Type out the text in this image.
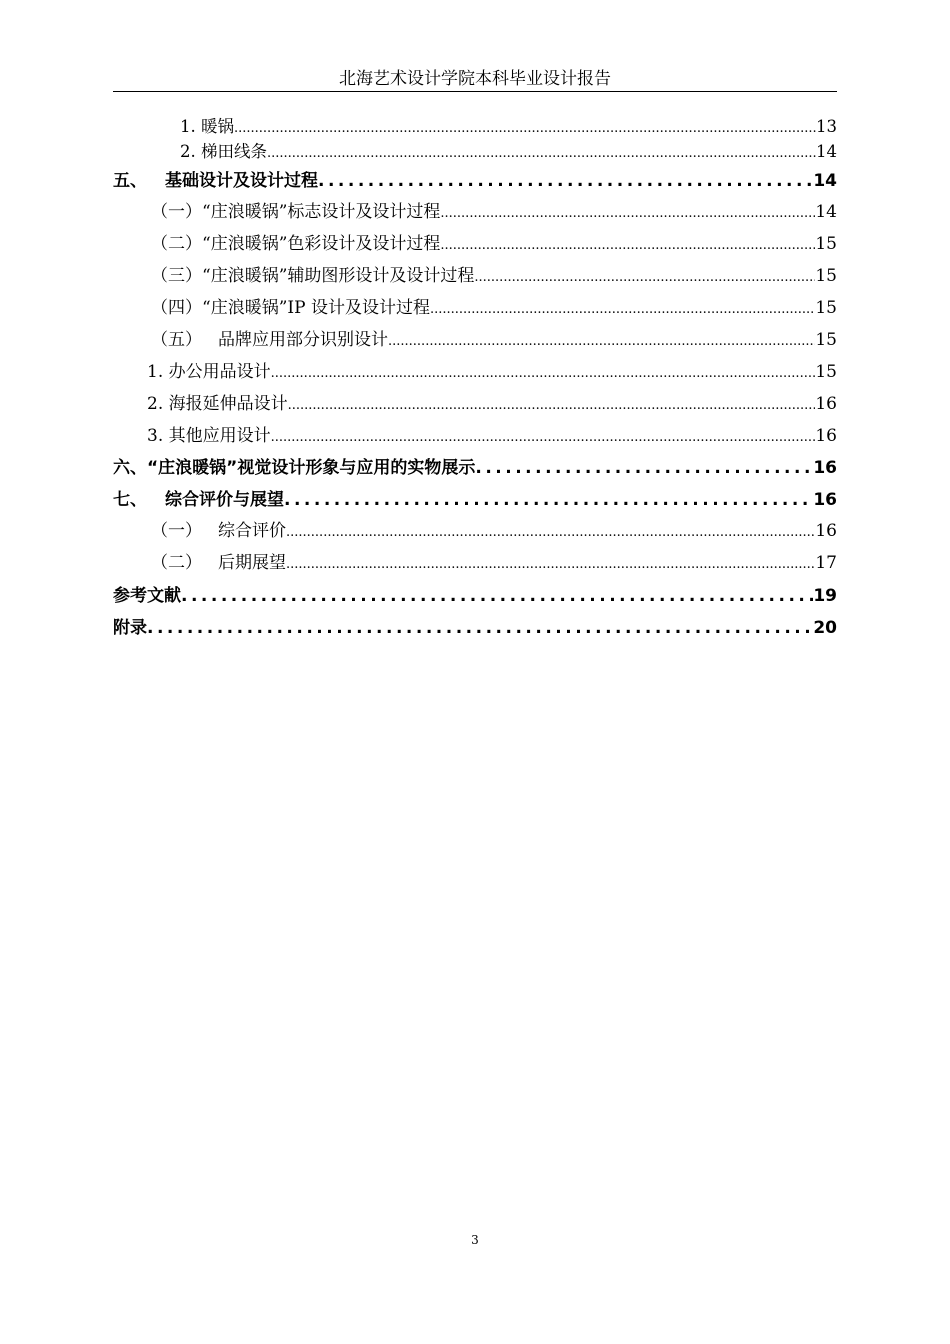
北海艺术设计学院本科毕业设计报告
1. 暖锅 .....	13
2. 梯田线条 .....	14
五、 基础设计及设计过程 .....	14
（一）“庄浪暖锅”标志设计及设计过程 .....	14
（二）“庄浪暖锅”色彩设计及设计过程 .....	15
（三）“庄浪暖锅”辅助图形设计及设计过程 .....	15
（四）“庄浪暖锅”IP 设计及设计过程 .....	15
（五） 品牌应用部分识别设计 .....	15
1. 办公用品设计 .....	15
2. 海报延伸品设计 .....	16
3. 其他应用设计 .....	16
六、“庄浪暖锅”视觉设计形象与应用的实物展示 .....	16
七、 综合评价与展望 .....	16
（一） 综合评价 .....	16
（二） 后期展望 .....	17
参考文献 .....	19
附录 .....	20
3
